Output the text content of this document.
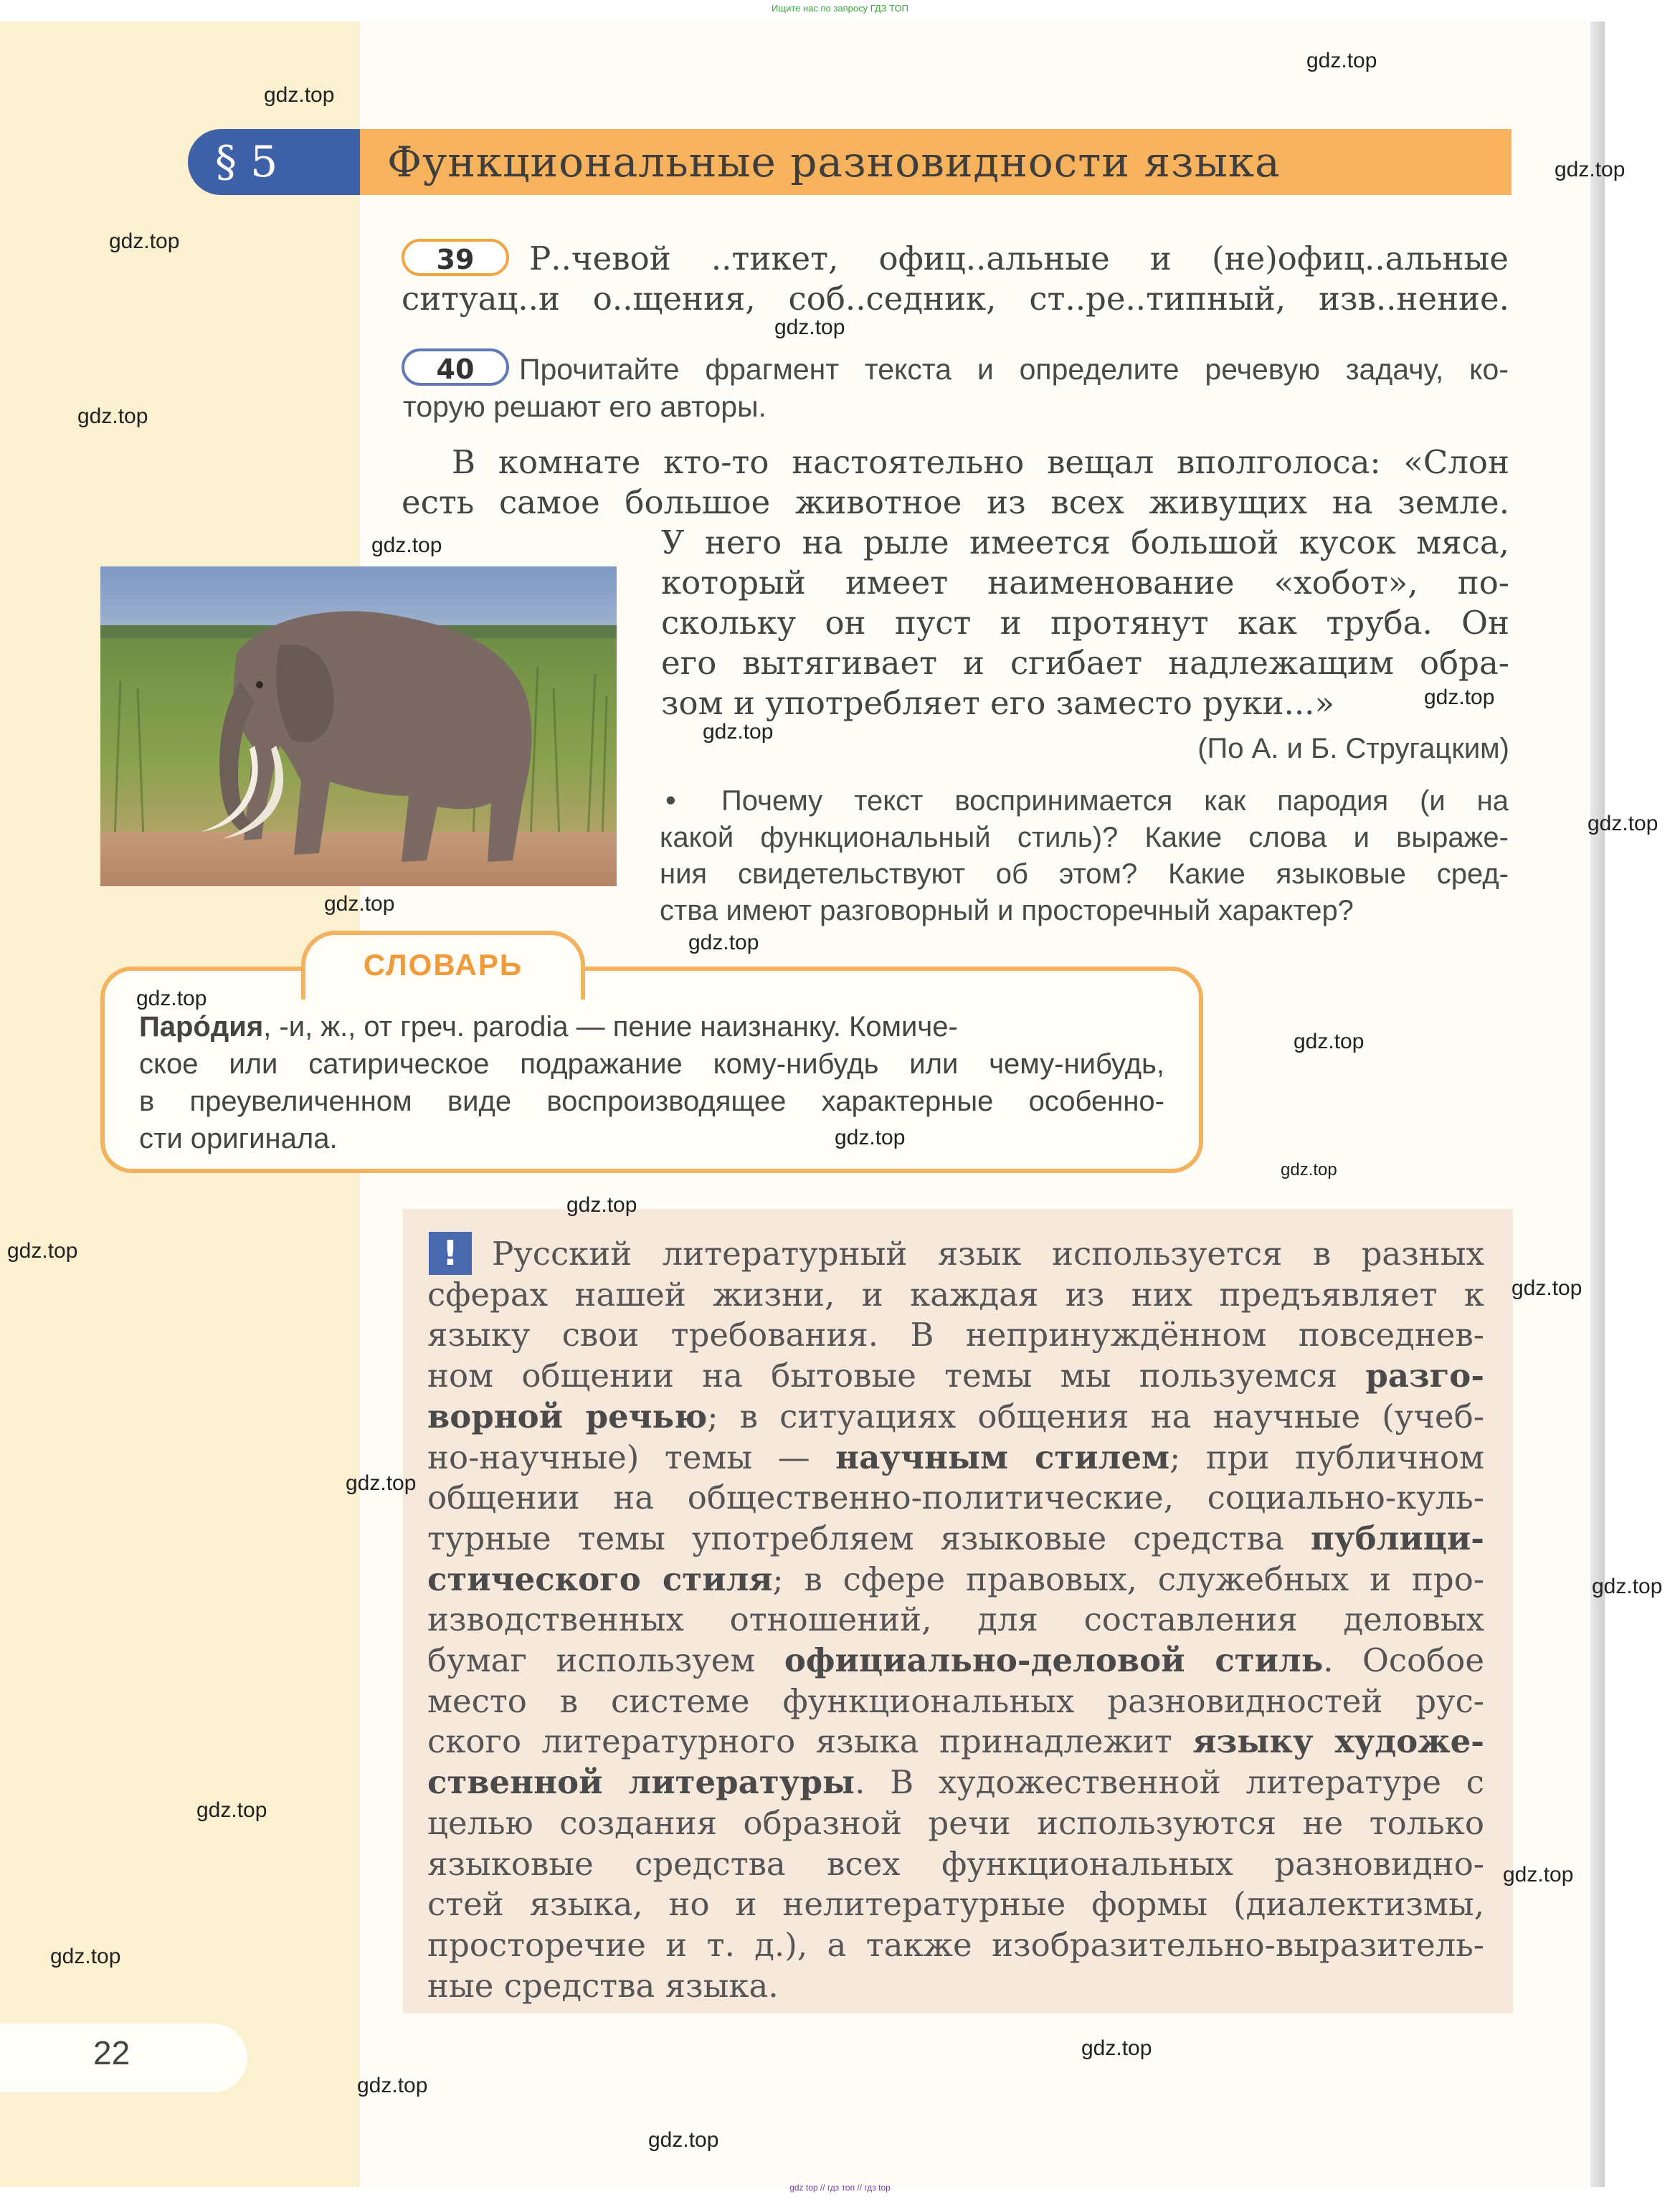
Ищите нас по запросу ГДЗ ТОП
§ 5	Функциональные разновидности языка
39	Р..чевой ..тикет, офиц..альные и (не)офиц..альные
ситуац..и о..щения, соб..седник, ст..ре..типный, изв..нение.
40	Прочитайте фрагмент текста и определите речевую задачу, ко-
торую решают его авторы.
В комнате кто-то настоятельно вещал вполголоса: «Слон
есть самое большое животное из всех живущих на земле.
У него на рыле имеется большой кусок мяса,
который имеет наименование «хобот», по-
скольку он пуст и протянут как труба. Он
его вытягивает и сгибает надлежащим обра-
зом и употребляет его заместо руки...»
(По А. и Б. Стругацким)
• Почему текст воспринимается как пародия (и на
какой функциональный стиль)? Какие слова и выраже-
ния свидетельствуют об этом? Какие языковые сред-
ства имеют разговорный и просторечный характер?
СЛОВАРЬ
Паро́дия, -и, ж., от греч. parodia — пение наизнанку. Комиче-
ское или сатирическое подражание кому-нибудь или чему-нибудь,
в преувеличенном виде воспроизводящее характерные особенно-
сти оригинала.
!	Русский литературный язык используется в разных
сферах нашей жизни, и каждая из них предъявляет к
языку свои требования. В непринуждённом повседнев-
ном общении на бытовые темы мы пользуемся разго-
ворной речью; в ситуациях общения на научные (учеб-
но-научные) темы — научным стилем; при публичном
общении на общественно-политические, социально-куль-
турные темы употребляем языковые средства публици-
стического стиля; в сфере правовых, служебных и про-
изводственных отношений, для составления деловых
бумаг используем официально-деловой стиль. Особое
место в системе функциональных разновидностей рус-
ского литературного языка принадлежит языку художе-
ственной литературы. В художественной литературе с
целью создания образной речи используются не только
языковые средства всех функциональных разновидно-
стей языка, но и нелитературные формы (диалектизмы,
просторечие и т. д.), а также изобразительно-выразитель-
ные средства языка.
22
gdz top // гдз топ // гдз top
gdz.top
gdz.top
gdz.top
gdz.top
gdz.top
gdz.top
gdz.top
gdz.top
gdz.top
gdz.top
gdz.top
gdz.top
gdz.top
gdz.top
gdz.top
gdz.top
gdz.top
gdz.top
gdz.top
gdz.top
gdz.top
gdz.top
gdz.top
gdz.top
gdz.top
gdz.top
gdz.top
